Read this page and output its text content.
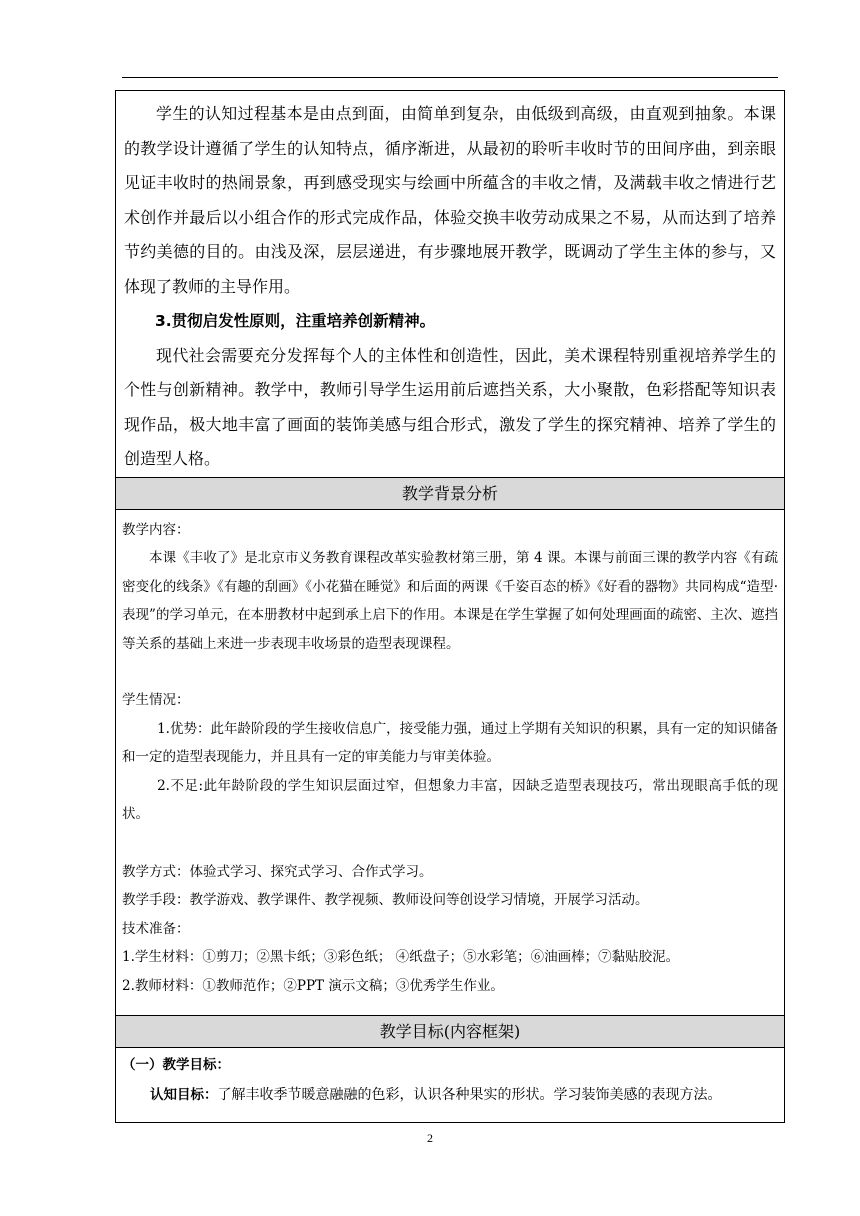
学生的认知过程基本是由点到面，由简单到复杂，由低级到高级，由直观到抽象。本课的教学设计遵循了学生的认知特点，循序渐进，从最初的聆听丰收时节的田间序曲，到亲眼见证丰收时的热闹景象，再到感受现实与绘画中所蕴含的丰收之情，及满载丰收之情进行艺术创作并最后以小组合作的形式完成作品，体验交换丰收劳动成果之不易，从而达到了培养节约美德的目的。由浅及深，层层递进，有步骤地展开教学，既调动了学生主体的参与，又体现了教师的主导作用。

3.贯彻启发性原则，注重培养创新精神。

现代社会需要充分发挥每个人的主体性和创造性，因此，美术课程特别重视培养学生的个性与创新精神。教学中，教师引导学生运用前后遮挡关系，大小聚散，色彩搭配等知识表现作品，极大地丰富了画面的装饰美感与组合形式，激发了学生的探究精神、培养了学生的创造型人格。

教学背景分析

教学内容：

本课《丰收了》是北京市义务教育课程改革实验教材第三册，第 4 课。本课与前面三课的教学内容《有疏密变化的线条》《有趣的刮画》《小花猫在睡觉》和后面的两课《千姿百态的桥》《好看的器物》共同构成“造型·表现”的学习单元，在本册教材中起到承上启下的作用。本课是在学生掌握了如何处理画面的疏密、主次、遮挡等关系的基础上来进一步表现丰收场景的造型表现课程。

学生情况：

1.优势：此年龄阶段的学生接收信息广，接受能力强，通过上学期有关知识的积累，具有一定的知识储备和一定的造型表现能力，并且具有一定的审美能力与审美体验。

2.不足:此年龄阶段的学生知识层面过窄，但想象力丰富，因缺乏造型表现技巧，常出现眼高手低的现状。

教学方式：体验式学习、探究式学习、合作式学习。

教学手段：教学游戏、教学课件、教学视频、教师设问等创设学习情境，开展学习活动。

技术准备：

1.学生材料：①剪刀；②黑卡纸；③彩色纸； ④纸盘子；⑤水彩笔；⑥油画棒；⑦黏贴胶泥。

2.教师材料：①教师范作；②PPT 演示文稿；③优秀学生作业。

教学目标(内容框架)

（一）教学目标：

认知目标：了解丰收季节暖意融融的色彩，认识各种果实的形状。学习装饰美感的表现方法。

2
